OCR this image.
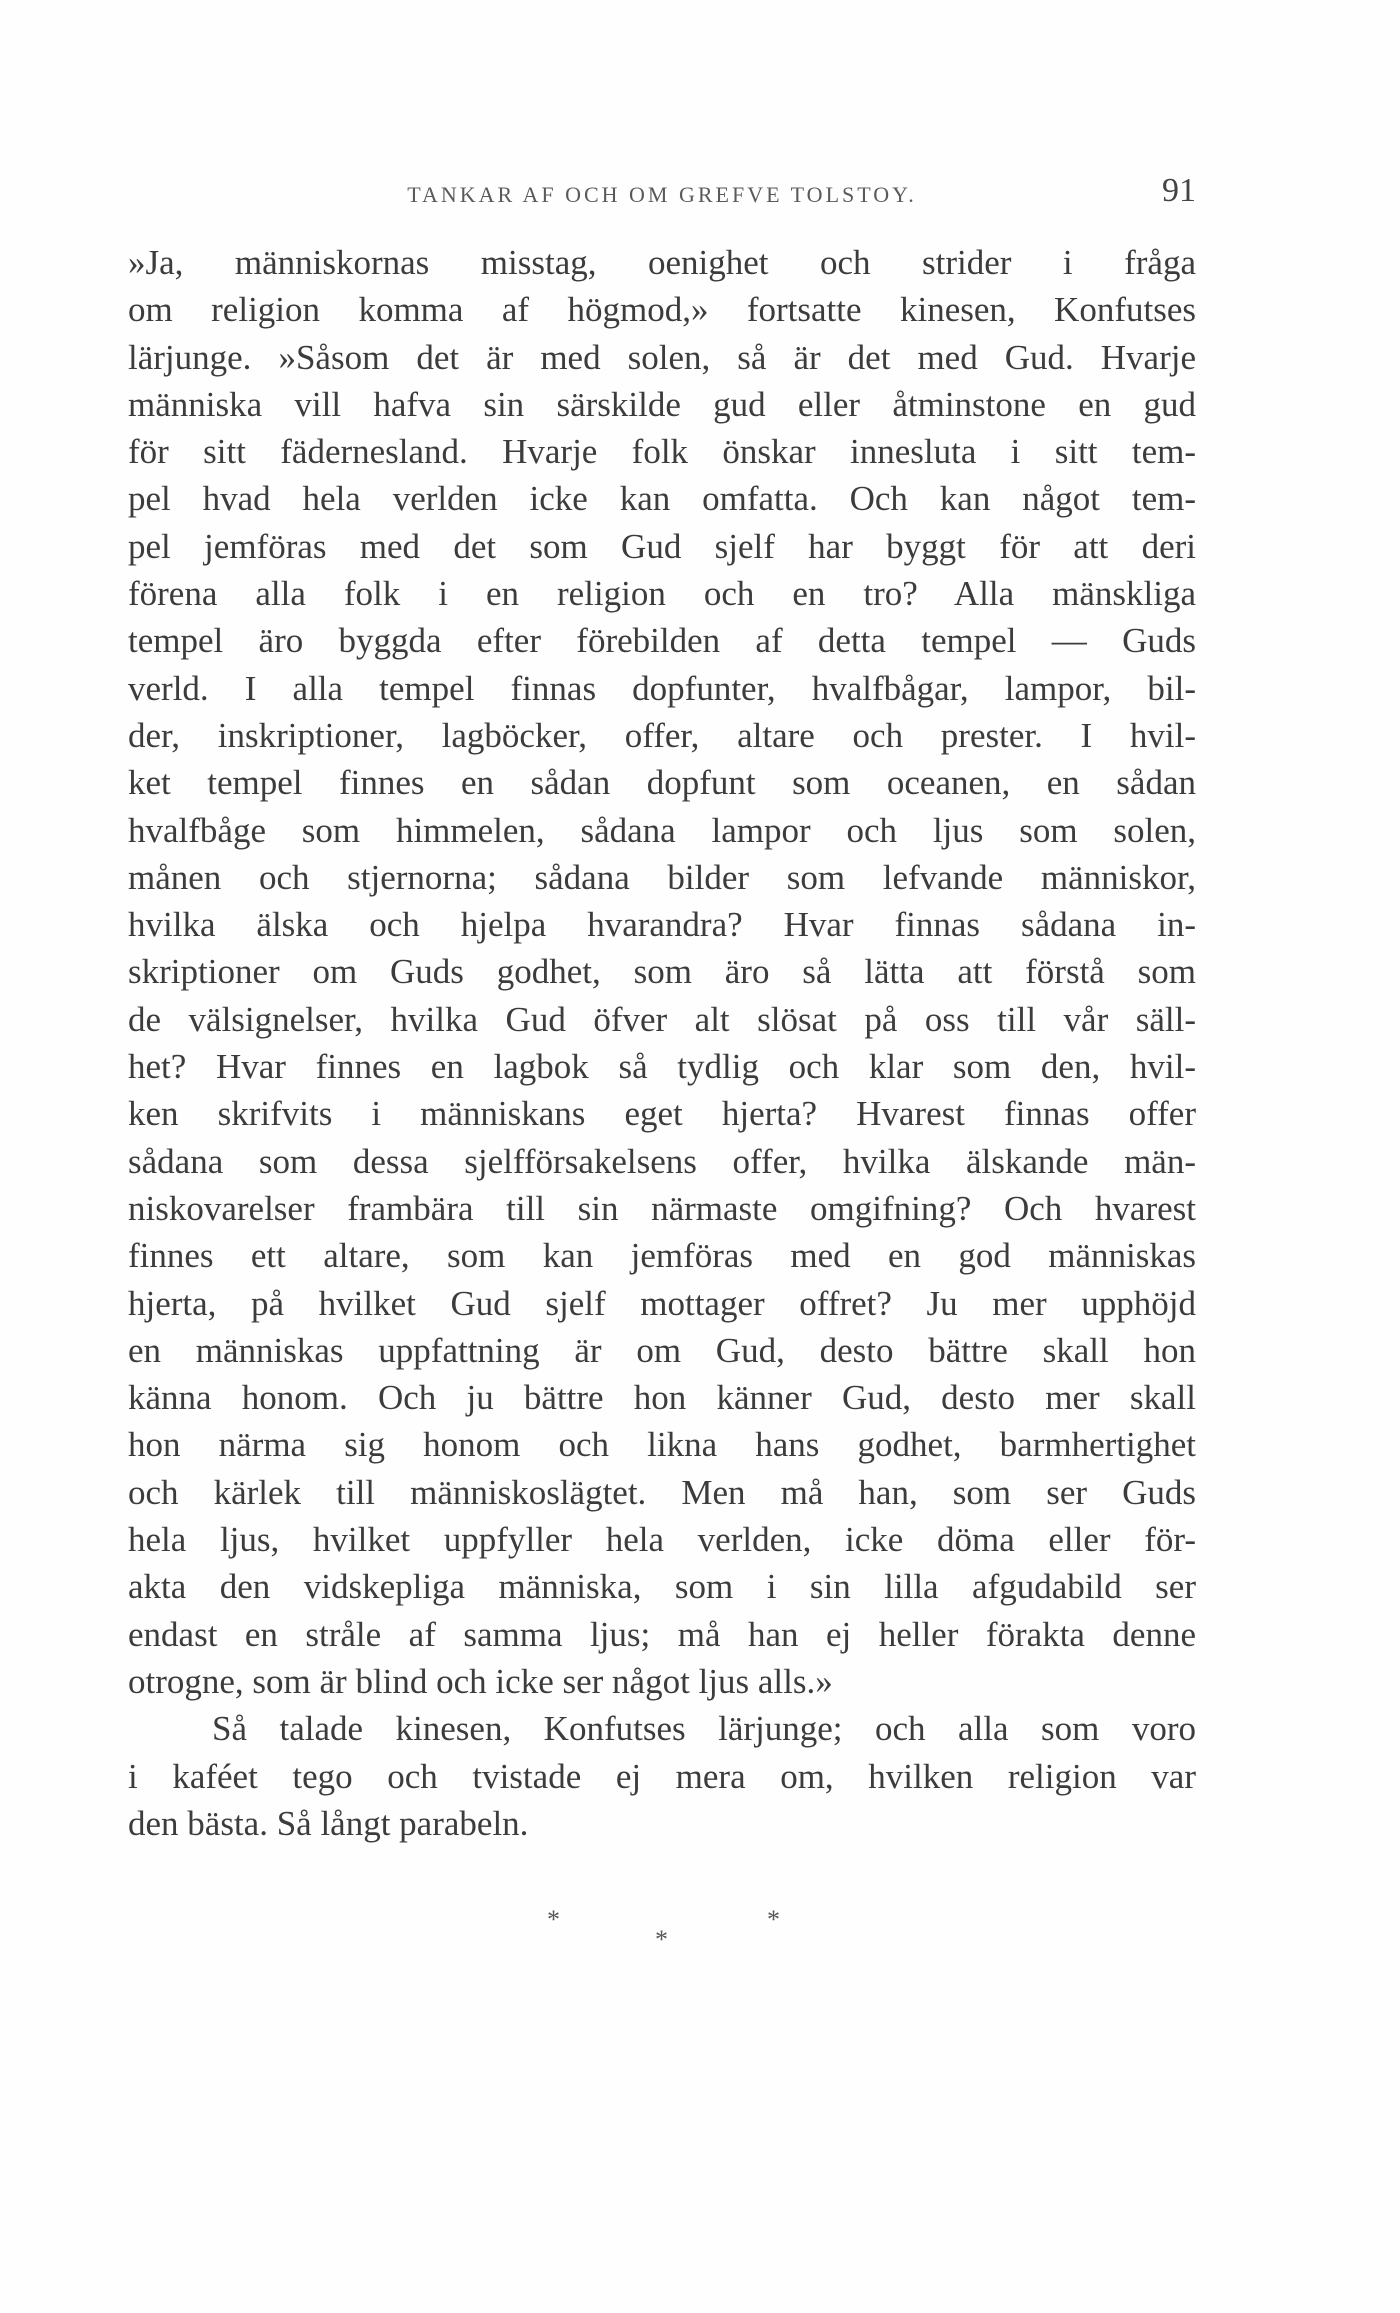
TANKAR AF OCH OM GREFVE TOLSTOY.	91
»Ja, människornas misstag, oenighet och strider i fråga
om religion komma af högmod,» fortsatte kinesen, Konfutses
lärjunge. »Såsom det är med solen, så är det med Gud. Hvarje
människa vill hafva sin särskilde gud eller åtminstone en gud
för sitt fädernesland. Hvarje folk önskar innesluta i sitt tem-
pel hvad hela verlden icke kan omfatta. Och kan något tem-
pel jemföras med det som Gud sjelf har byggt för att deri
förena alla folk i en religion och en tro? Alla mänskliga
tempel äro byggda efter förebilden af detta tempel — Guds
verld. I alla tempel finnas dopfunter, hvalfbågar, lampor, bil-
der, inskriptioner, lagböcker, offer, altare och prester. I hvil-
ket tempel finnes en sådan dopfunt som oceanen, en sådan
hvalfbåge som himmelen, sådana lampor och ljus som solen,
månen och stjernorna; sådana bilder som lefvande människor,
hvilka älska och hjelpa hvarandra? Hvar finnas sådana in-
skriptioner om Guds godhet, som äro så lätta att förstå som
de välsignelser, hvilka Gud öfver alt slösat på oss till vår säll-
het? Hvar finnes en lagbok så tydlig och klar som den, hvil-
ken skrifvits i människans eget hjerta? Hvarest finnas offer
sådana som dessa sjelfförsakelsens offer, hvilka älskande män-
niskovarelser frambära till sin närmaste omgifning? Och hvarest
finnes ett altare, som kan jemföras med en god människas
hjerta, på hvilket Gud sjelf mottager offret? Ju mer upphöjd
en människas uppfattning är om Gud, desto bättre skall hon
känna honom. Och ju bättre hon känner Gud, desto mer skall
hon närma sig honom och likna hans godhet, barmhertighet
och kärlek till människoslägtet. Men må han, som ser Guds
hela ljus, hvilket uppfyller hela verlden, icke döma eller för-
akta den vidskepliga människa, som i sin lilla afgudabild ser
endast en stråle af samma ljus; må han ej heller förakta denne
otrogne, som är blind och icke ser något ljus alls.»
Så talade kinesen, Konfutses lärjunge; och alla som voro
i kaféet tego och tvistade ej mera om, hvilken religion var
den bästa. Så långt parabeln.
*
*
*
